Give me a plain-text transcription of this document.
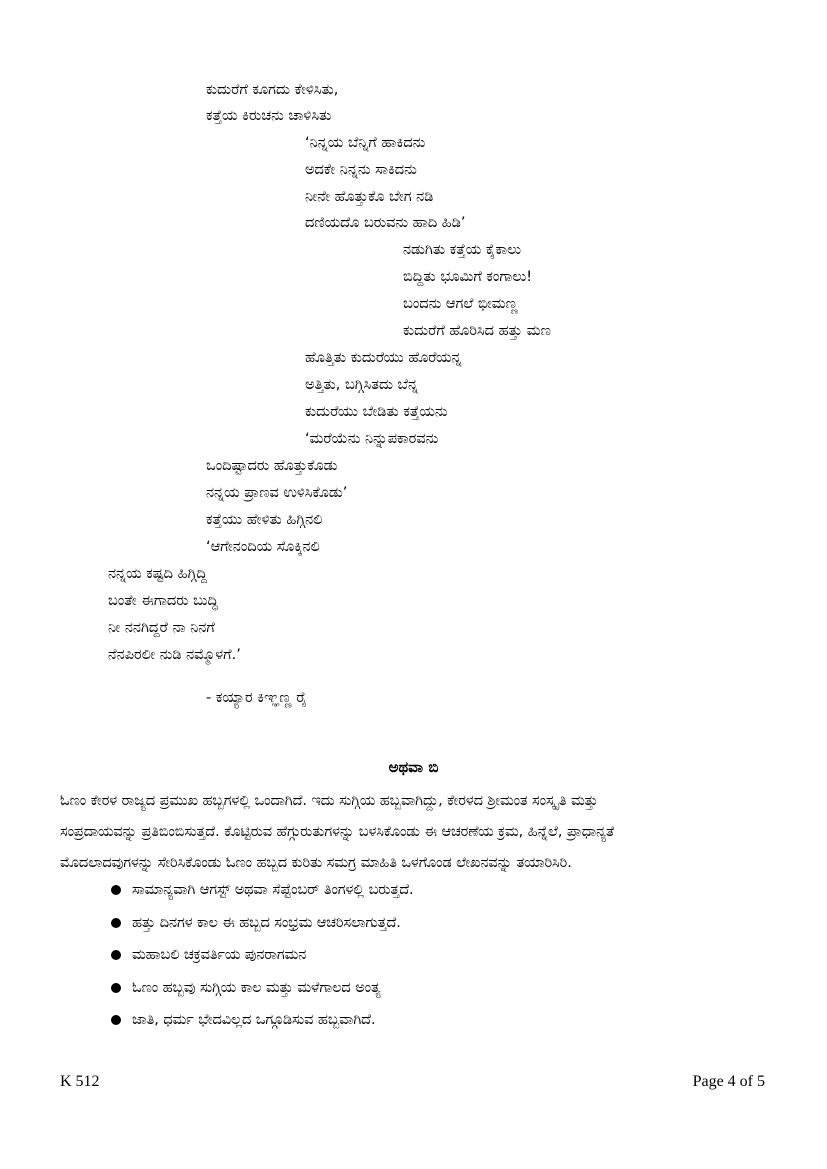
ಕುದುರೆಗೆ ಕೂಗದು ಕೇಳಿಸಿತು,
ಕತ್ತೆಯ ಕಿರುಚನು ಚಾಳಿಸಿತು
‘ನಿನ್ನಯ ಬೆನ್ನಿಗೆ ಹಾಕಿದನು
ಅದಕೇ ನಿನ್ನನು ಸಾಕಿದನು
ನೀನೇ ಹೊತ್ತುಕೊ ಬೇಗ ನಡಿ
ದಣಿಯದೊ ಬರುವನು ಹಾದಿ ಹಿಡಿ’
ನಡುಗಿತು ಕತ್ತೆಯ ಕೈಕಾಲು
ಬಿದ್ದಿತು ಭೂಮಿಗೆ ಕಂಗಾಲು!
ಬಂದನು ಆಗಲೆ ಭೀಮಣ್ಣ
ಕುದುರೆಗೆ ಹೊರಿಸಿದ ಹತ್ತು ಮಣ
ಹೊತ್ತಿತು ಕುದುರೆಯು ಹೊರೆಯನ್ನ
ಅತ್ತಿತು, ಬಗ್ಗಿಸಿತದು ಬೆನ್ನ
ಕುದುರೆಯು ಬೇಡಿತು ಕತ್ತೆಯನು
‘ಮರೆಯೆನು ನಿನ್ನುಪಕಾರವನು
ಒಂದಿಷ್ಟಾದರು ಹೊತ್ತುಕೊಡು
ನನ್ನಯ ಪ್ರಾಣವ ಉಳಿಸಿಕೊಡು’
ಕತ್ತೆಯು ಹೇಳಿತು ಹಿಗ್ಗಿನಲಿ
‘ಆಗೇನಂದಿಯ ಸೊಕ್ಕಿನಲಿ
ನನ್ನಯ ಕಷ್ಟದಿ ಹಿಗ್ಗಿದ್ದಿ
ಬಂತೇ ಈಗಾದರು ಬುದ್ಧಿ
ನೀ ನನಗಿದ್ದರೆ ನಾ ನಿನಗೆ
ನೆನಪಿರಲೀ ನುಡಿ ನಮ್ಮೊಳಗೆ.’
- ಕಯ್ಯಾರ ಕಿಞ್ಞಣ್ಣ ರೈ
ಅಥವಾ ಬಿ
ಓಣಂ ಕೇರಳ ರಾಜ್ಯದ ಪ್ರಮುಖ ಹಬ್ಬಗಳಲ್ಲಿ ಒಂದಾಗಿದೆ. ಇದು ಸುಗ್ಗಿಯ ಹಬ್ಬವಾಗಿದ್ದು, ಕೇರಳದ ಶ್ರೀಮಂತ ಸಂಸ್ಕೃತಿ ಮತ್ತು
ಸಂಪ್ರದಾಯವನ್ನು ಪ್ರತಿಬಿಂಬಿಸುತ್ತದೆ. ಕೊಟ್ಟಿರುವ ಹೆಗ್ಗುರುತುಗಳನ್ನು ಬಳಸಿಕೊಂಡು ಈ ಆಚರಣೆಯ ಕ್ರಮ, ಹಿನ್ನೆಲೆ, ಪ್ರಾಧಾನ್ಯತೆ
ಮೊದಲಾದವುಗಳನ್ನು ಸೇರಿಸಿಕೊಂಡು ಓಣಂ ಹಬ್ಬದ ಕುರಿತು ಸಮಗ್ರ ಮಾಹಿತಿ ಒಳಗೊಂಡ ಲೇಖನವನ್ನು ತಯಾರಿಸಿರಿ.
ಸಾಮಾನ್ಯವಾಗಿ ಆಗಸ್ಟ್ ಅಥವಾ ಸೆಪ್ಟೆಂಬರ್ ತಿಂಗಳಲ್ಲಿ ಬರುತ್ತದೆ.
ಹತ್ತು ದಿನಗಳ ಕಾಲ ಈ ಹಬ್ಬದ ಸಂಭ್ರಮ ಆಚರಿಸಲಾಗುತ್ತದೆ.
ಮಹಾಬಲಿ ಚಕ್ರವರ್ತಿಯ ಪುನರಾಗಮನ
ಓಣಂ ಹಬ್ಬವು ಸುಗ್ಗಿಯ ಕಾಲ ಮತ್ತು ಮಳೆಗಾಲದ ಅಂತ್ಯ
ಜಾತಿ, ಧರ್ಮ ಭೇದವಿಲ್ಲದ ಒಗ್ಗೂಡಿಸುವ ಹಬ್ಬವಾಗಿದೆ.
K 512	Page 4 of 5
